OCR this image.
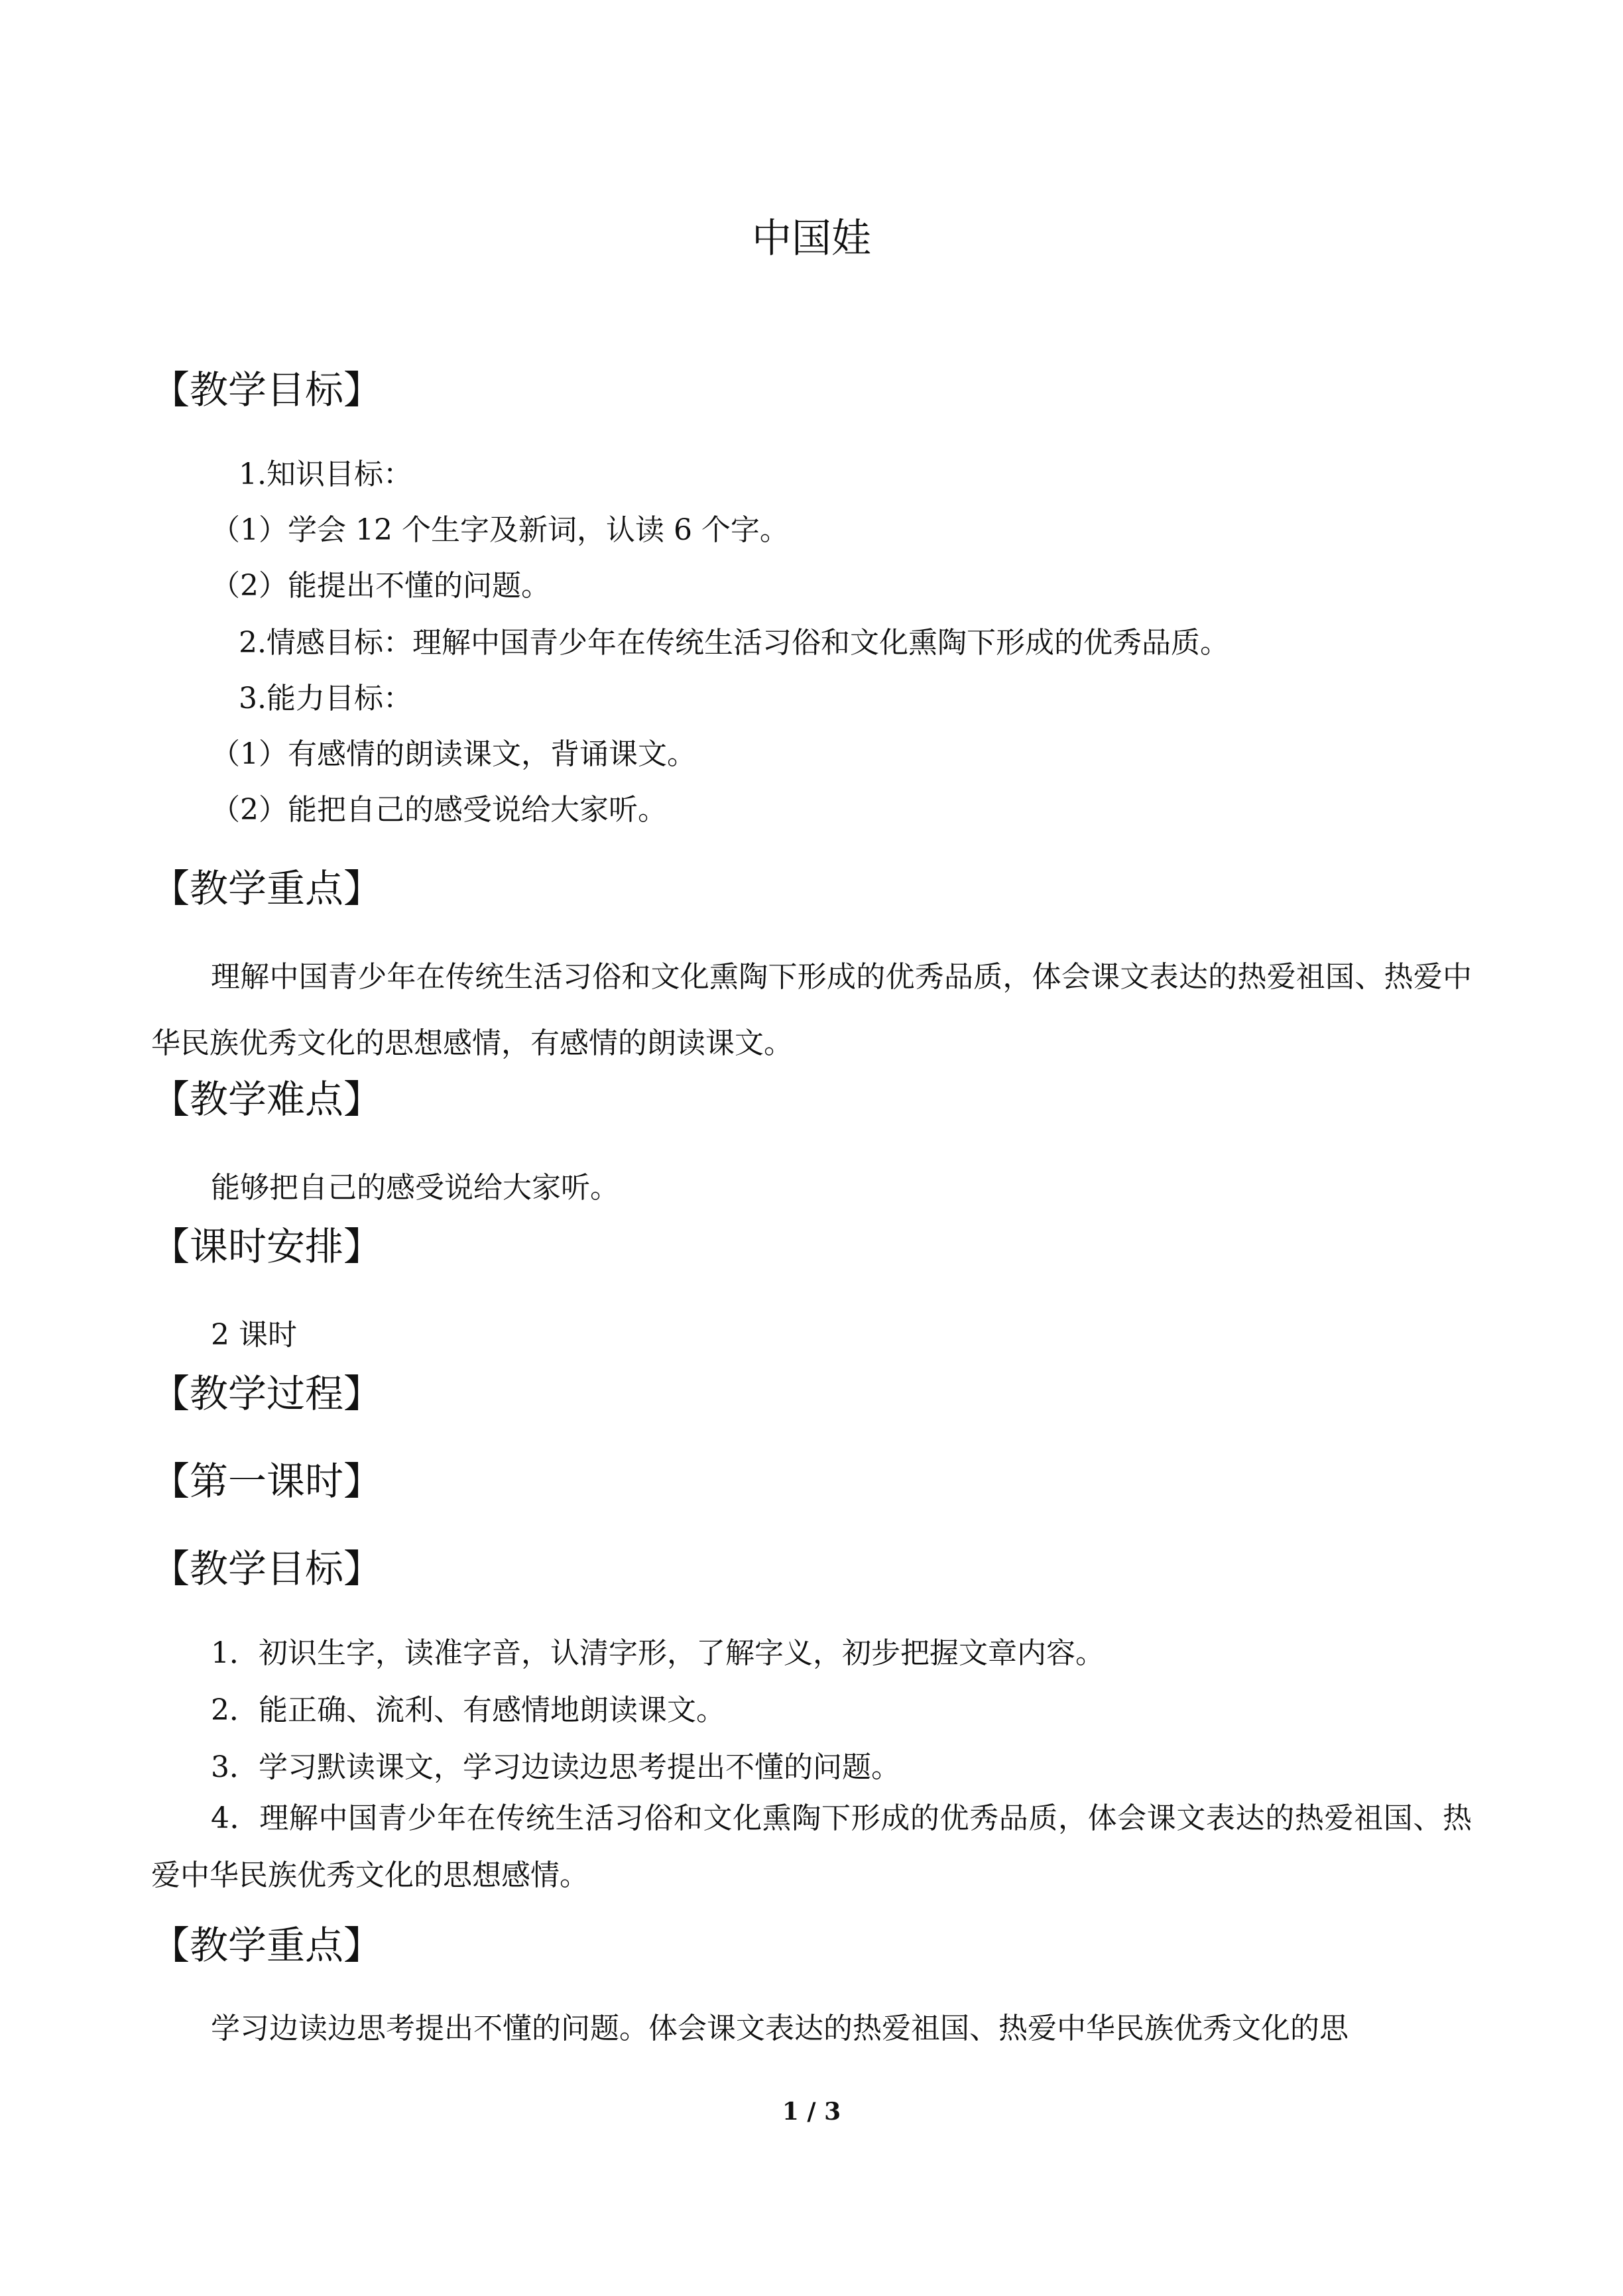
中国娃
【教学目标】
1.知识目标：
（1）学会 12 个生字及新词，认读 6 个字。
（2）能提出不懂的问题。
2.情感目标：理解中国青少年在传统生活习俗和文化熏陶下形成的优秀品质。
3.能力目标：
（1）有感情的朗读课文，背诵课文。
（2）能把自己的感受说给大家听。
【教学重点】
理解中国青少年在传统生活习俗和文化熏陶下形成的优秀品质，体会课文表达的热爱祖国、热爱中华民族优秀文化的思想感情，有感情的朗读课文。
【教学难点】
能够把自己的感受说给大家听。
【课时安排】
2 课时
【教学过程】
【第一课时】
【教学目标】
1．初识生字，读准字音，认清字形，了解字义，初步把握文章内容。
2．能正确、流利、有感情地朗读课文。
3．学习默读课文，学习边读边思考提出不懂的问题。
4．理解中国青少年在传统生活习俗和文化熏陶下形成的优秀品质，体会课文表达的热爱祖国、热爱中华民族优秀文化的思想感情。
【教学重点】
学习边读边思考提出不懂的问题。体会课文表达的热爱祖国、热爱中华民族优秀文化的思
1 / 3
